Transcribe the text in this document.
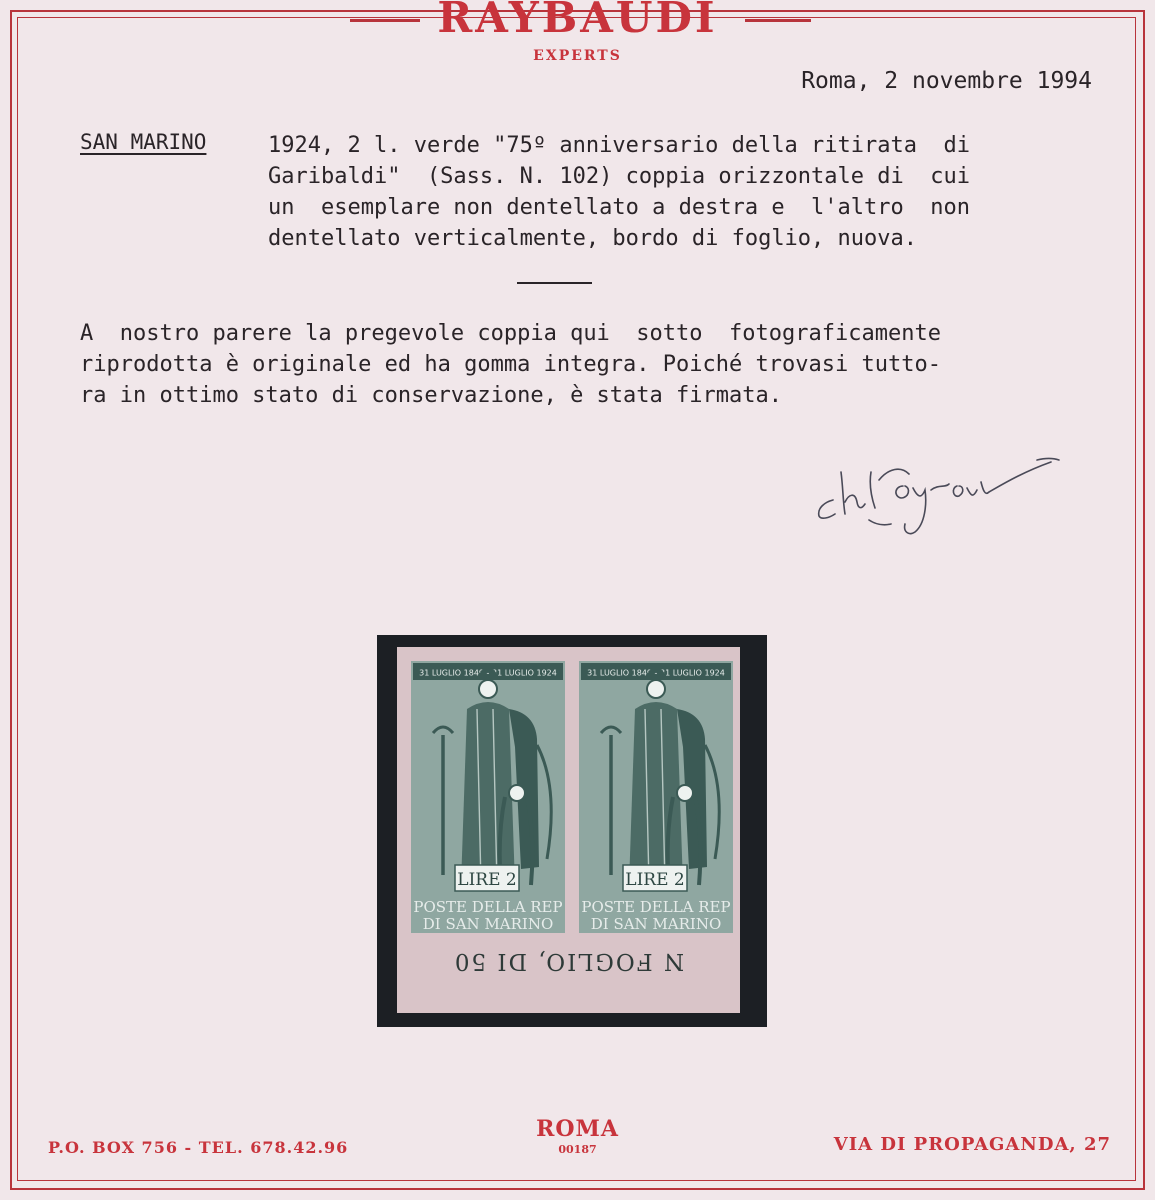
RAYBAUDI
EXPERTS
Roma, 2 novembre 1994
SAN MARINO	1924, 2 l. verde "75º anniversario della ritirata  di
Garibaldi"  (Sass. N. 102) coppia orizzontale di  cui
un  esemplare non dentellato a destra e  l'altro  non
dentellato verticalmente, bordo di foglio, nuova.
A  nostro parere la pregevole coppia qui  sotto  fotograficamente
riprodotta è originale ed ha gomma integra. Poiché trovasi tutto-
ra in ottimo stato di conservazione, è stata firmata.
31 LUGLIO 1849 - 31 LUGLIO 1924
LIRE 2
POSTE DELLA REP
DI SAN MARINO
31 LUGLIO 1849 - 31 LUGLIO 1924
LIRE 2
POSTE DELLA REP
DI SAN MARINO
N FOGLIO, DI 50
P.O. BOX 756 - TEL. 678.42.96
ROMA
00187	VIA DI PROPAGANDA, 27
